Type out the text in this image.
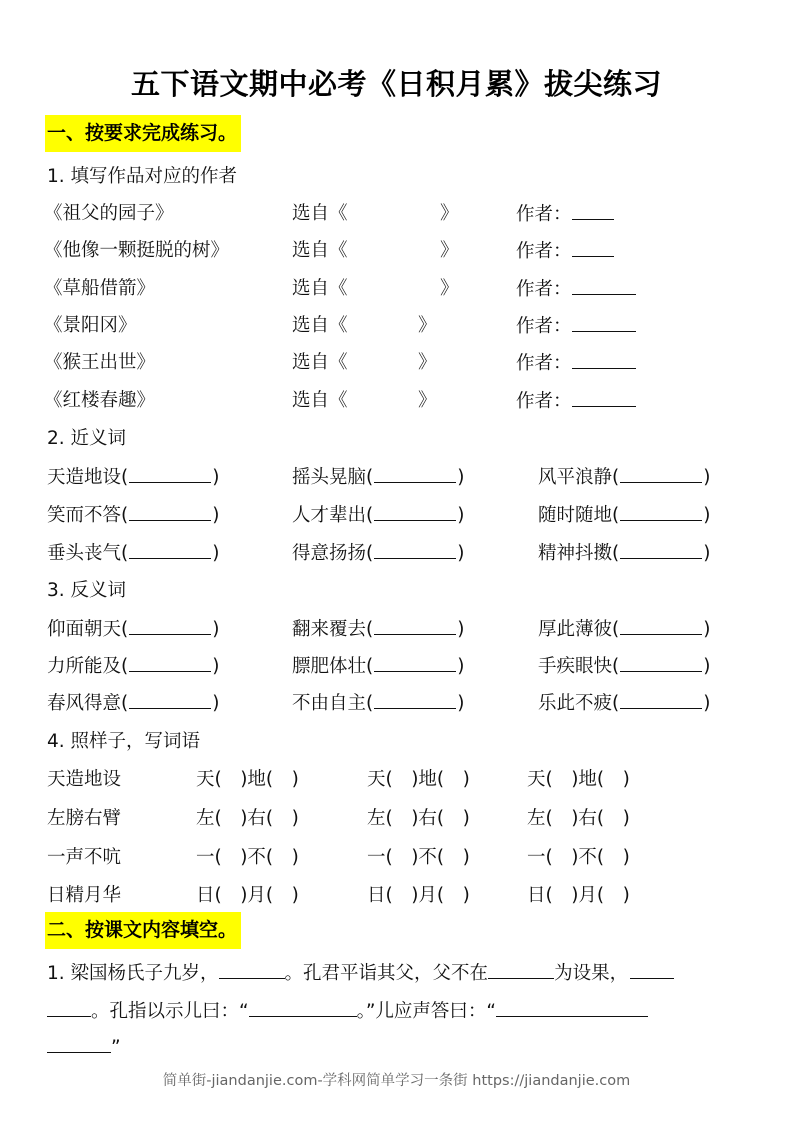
五下语文期中必考《日积月累》拔尖练习
一、按要求完成练习。
1. 填写作品对应的作者
《祖父的园子》	选自《	》	作者：
《他像一颗挺脱的树》	选自《	》	作者：
《草船借箭》	选自《	》	作者：
《景阳冈》	选自《	》	作者：
《猴王出世》	选自《	》	作者：
《红楼春趣》	选自《	》	作者：
2. 近义词
天造地设(	)	摇头晃脑(	)	风平浪静(	)
笑而不答(	)	人才辈出(	)	随时随地(	)
垂头丧气(	)	得意扬扬(	)	精神抖擞(	)
3. 反义词
仰面朝天(	)	翻来覆去(	)	厚此薄彼(	)
力所能及(	)	膘肥体壮(	)	手疾眼快(	)
春风得意(	)	不由自主(	)	乐此不疲(	)
4. 照样子，写词语
天造地设	天(　)地(　)	天(　)地(　)	天(　)地(　)
左膀右臂	左(　)右(　)	左(　)右(　)	左(　)右(　)
一声不吭	一(　)不(　)	一(　)不(　)	一(　)不(　)
日精月华	日(　)月(　)	日(　)月(　)	日(　)月(　)
二、按课文内容填空。
1. 梁国杨氏子九岁，	。孔君平诣其父，父不在	为设果，
。孔指以示儿曰：“	。”儿应声答曰：“
”
简单街-jiandanjie.com-学科网简单学习一条街 https://jiandanjie.com
